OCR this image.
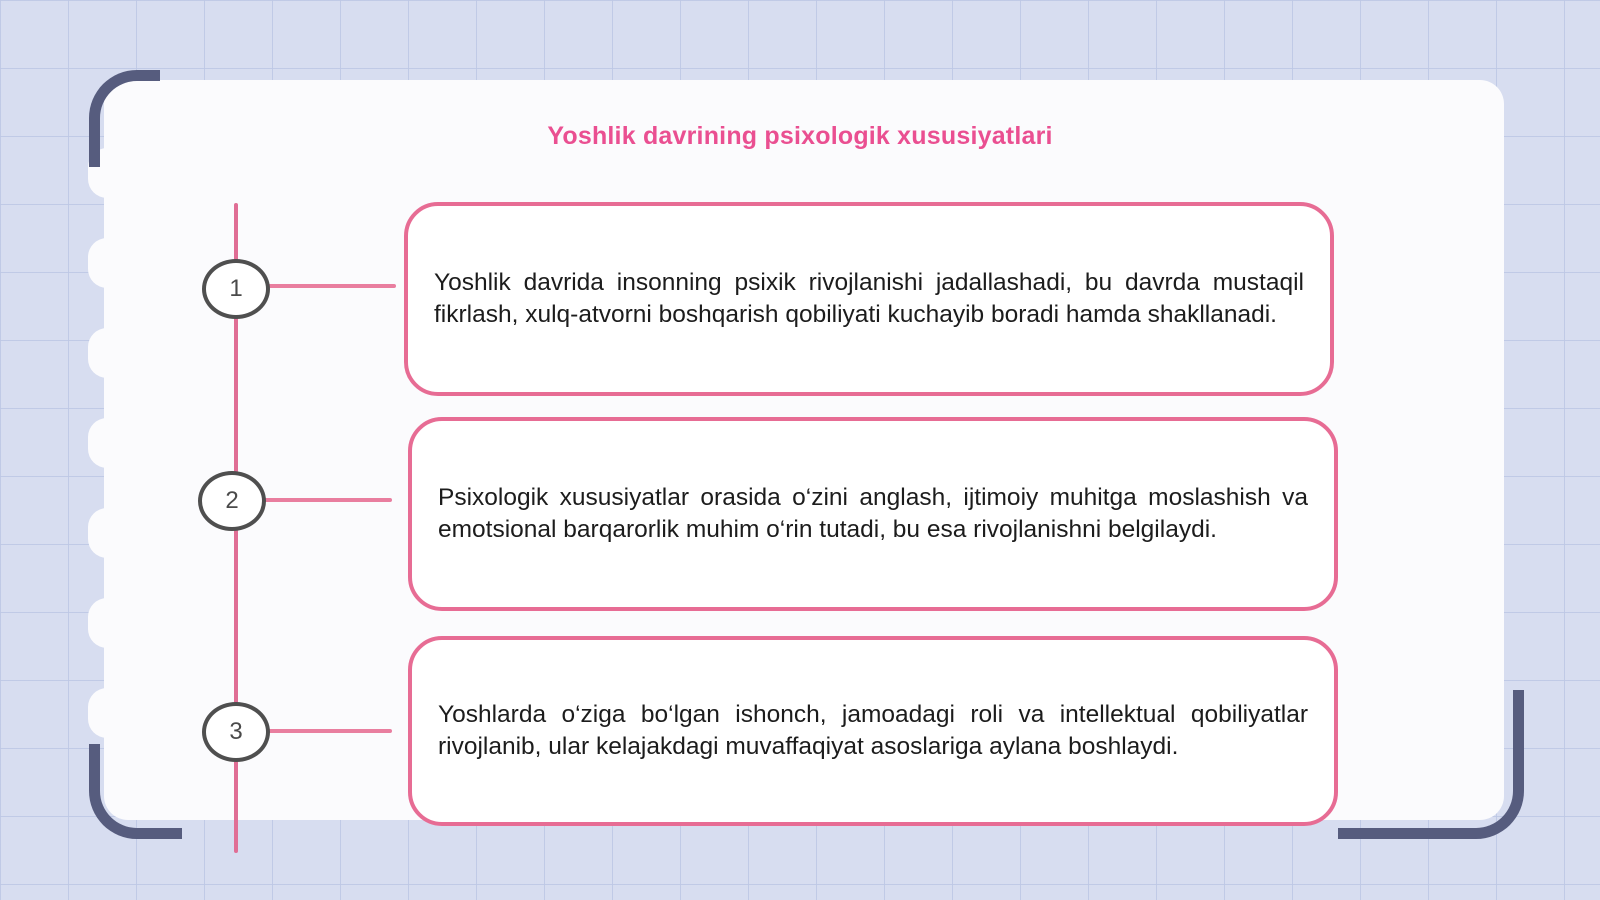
Yoshlik davrining psixologik xususiyatlari
1	Yoshlik davrida insonning psixik rivojlanishi jadallashadi, bu davrda mustaqil fikrlash, xulq-atvorni boshqarish qobiliyati kuchayib boradi hamda shakllanadi.

2	Psixologik xususiyatlar orasida o‘zini anglash, ijtimoiy muhitga moslashish va emotsional barqarorlik muhim o‘rin tutadi, bu esa rivojlanishni belgilaydi.

3

Yoshlarda o‘ziga bo‘lgan ishonch, jamoadagi roli va intellektual qobiliyatlar rivojlanib, ular kelajakdagi muvaffaqiyat asoslariga aylana boshlaydi.
